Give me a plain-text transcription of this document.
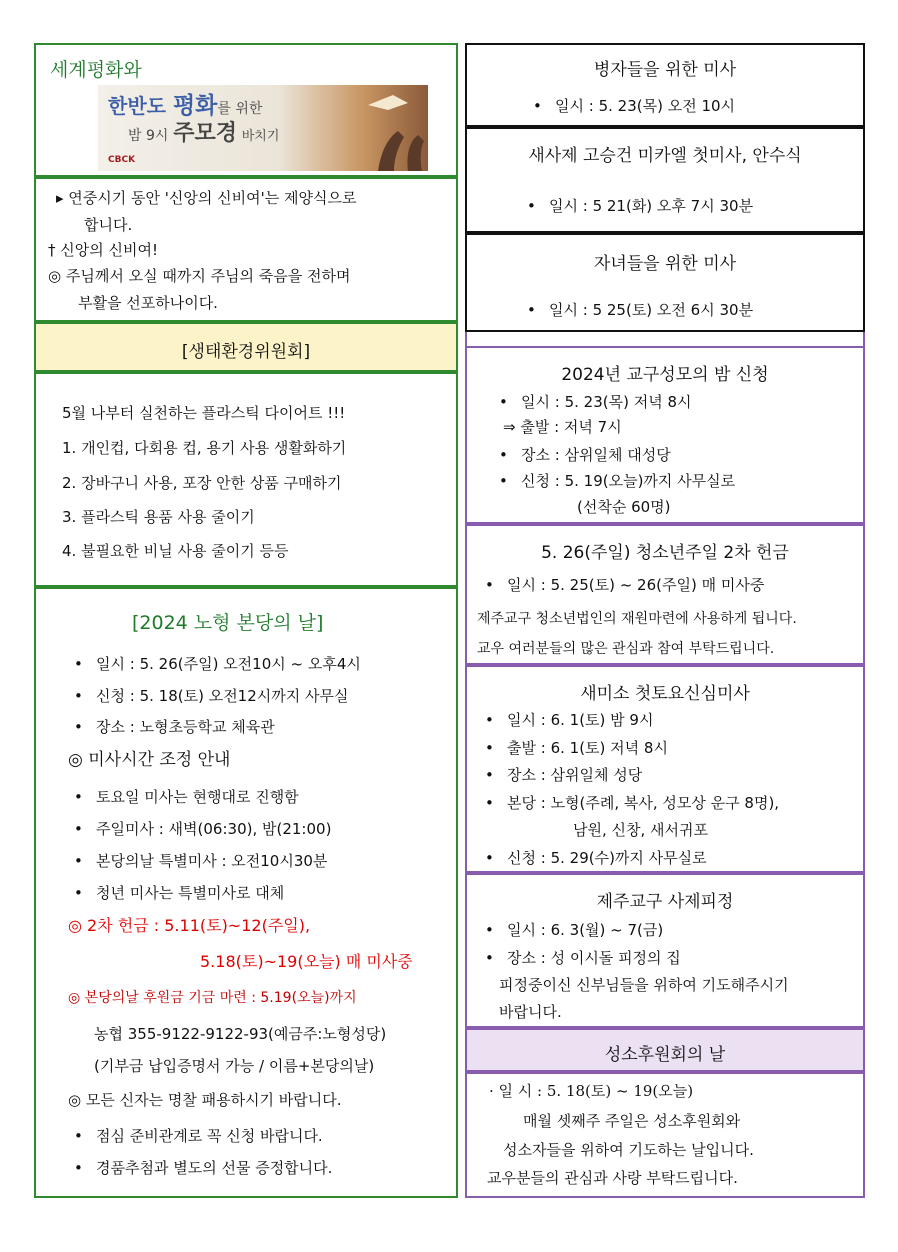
세계평화와
한반도 평화를 위한
밤 9시 주모경 바치기
CBCK
▸ 연중시기 동안 '신앙의 신비여'는 제양식으로
합니다.
† 신앙의 신비여!
◎ 주님께서 오실 때까지 주님의 죽음을 전하며
부활을 선포하나이다.
[생태환경위원회]
5월 나부터 실천하는 플라스틱 다이어트 !!!
1. 개인컵, 다회용 컵, 용기 사용 생활화하기
2. 장바구니 사용, 포장 안한 상품 구매하기
3. 플라스틱 용품 사용 줄이기
4. 불필요한 비닐 사용 줄이기 등등
[2024 노형 본당의 날]
• 일시 : 5. 26(주일) 오전10시 ~ 오후4시
• 신청 : 5. 18(토) 오전12시까지 사무실
• 장소 : 노형초등학교 체육관
◎ 미사시간 조정 안내
• 토요일 미사는 현행대로 진행함
• 주일미사 : 새벽(06:30), 밤(21:00)
• 본당의날 특별미사 : 오전10시30분
• 청년 미사는 특별미사로 대체
◎ 2차 헌금 : 5.11(토)~12(주일),
5.18(토)~19(오늘) 매 미사중
◎ 본당의날 후원금 기금 마련 : 5.19(오늘)까지
농협 355-9122-9122-93(예금주:노형성당)
(기부금 납입증명서 가능 / 이름+본당의날)
◎ 모든 신자는 명찰 패용하시기 바랍니다.
• 점심 준비관계로 꼭 신청 바랍니다.
• 경품추첨과 별도의 선물 증정합니다.
병자들을 위한 미사
• 일시 : 5. 23(목) 오전 10시
새사제 고승건 미카엘 첫미사, 안수식
• 일시 : 5 21(화) 오후 7시 30분
자녀들을 위한 미사
• 일시 : 5 25(토) 오전 6시 30분
2024년 교구성모의 밤 신청
• 일시 : 5. 23(목) 저녁 8시
⇒ 출발 : 저녁 7시
• 장소 : 삼위일체 대성당
• 신청 : 5. 19(오늘)까지 사무실로
(선착순 60명)
5. 26(주일) 청소년주일 2차 헌금
• 일시 : 5. 25(토) ~ 26(주일) 매 미사중
제주교구 청소년법인의 재원마련에 사용하게 됩니다.
교우 여러분들의 많은 관심과 참여 부탁드립니다.
새미소 첫토요신심미사
• 일시 : 6. 1(토) 밤 9시
• 출발 : 6. 1(토) 저녁 8시
• 장소 : 삼위일체 성당
• 본당 : 노형(주례, 복사, 성모상 운구 8명),
남원, 신창, 새서귀포
• 신청 : 5. 29(수)까지 사무실로
제주교구 사제피정
• 일시 : 6. 3(월) ~ 7(금)
• 장소 : 성 이시돌 피정의 집
피정중이신 신부님들을 위하여 기도해주시기
바랍니다.
성소후원회의 날
· 일 시 : 5. 18(토) ~ 19(오늘)
매월 셋째주 주일은 성소후원회와
성소자들을 위하여 기도하는 날입니다.
교우분들의 관심과 사랑 부탁드립니다.
